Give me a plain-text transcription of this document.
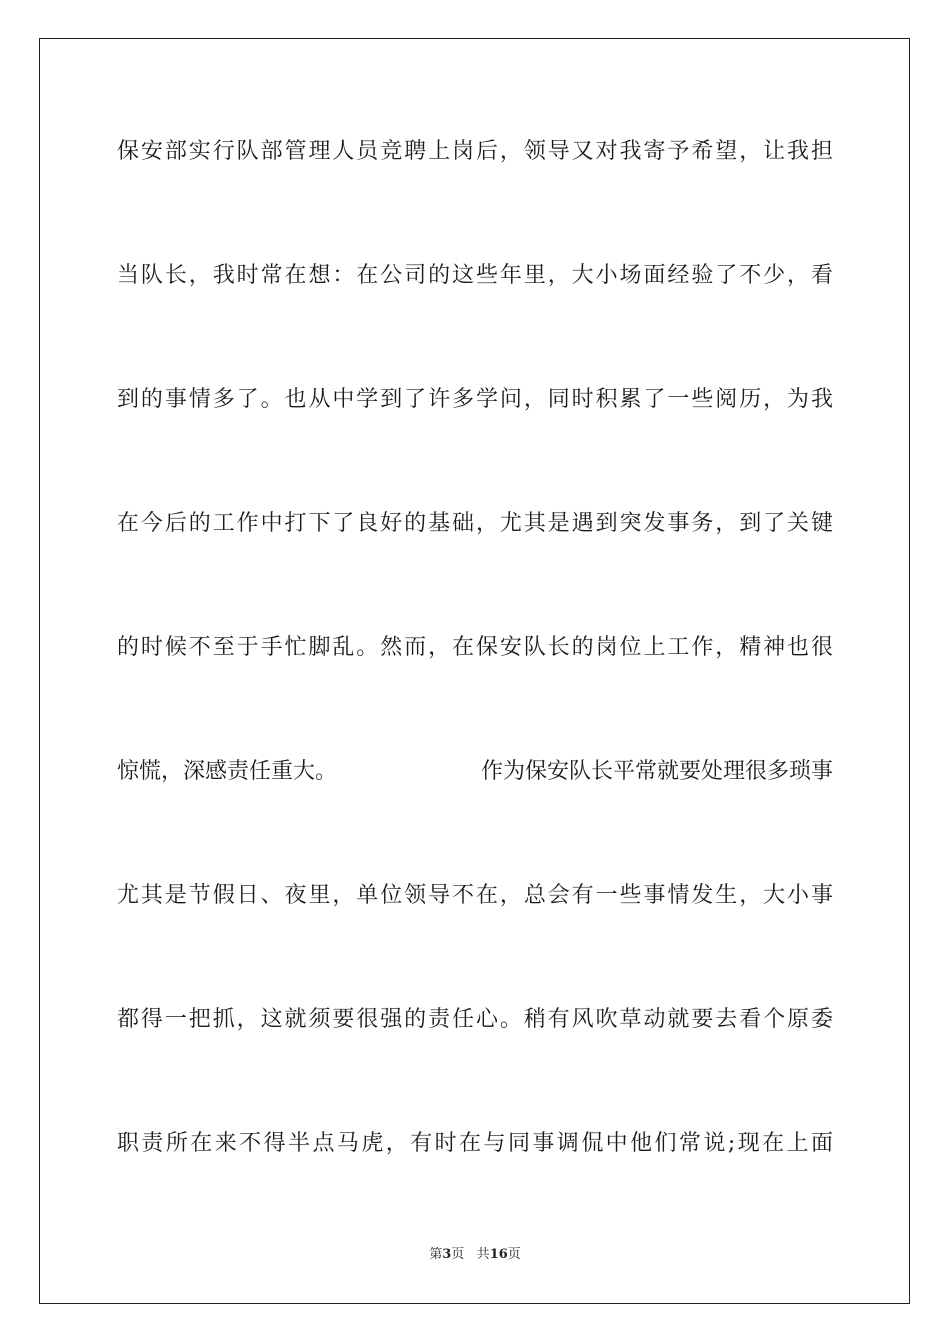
保安部实行队部管理人员竞聘上岗后，领导又对我寄予希望，让我担
当队长，我时常在想：在公司的这些年里，大小场面经验了不少，看
到的事情多了。也从中学到了许多学问，同时积累了一些阅历，为我
在今后的工作中打下了良好的基础，尤其是遇到突发事务，到了关键
的时候不至于手忙脚乱。然而，在保安队长的岗位上工作，精神也很
惊慌，深感责任重大。	作为保安队长平常就要处理很多琐事
尤其是节假日、夜里，单位领导不在，总会有一些事情发生，大小事
都得一把抓，这就须要很强的责任心。稍有风吹草动就要去看个原委
职责所在来不得半点马虎，有时在与同事调侃中他们常说;现在上面
第3页 共16页
